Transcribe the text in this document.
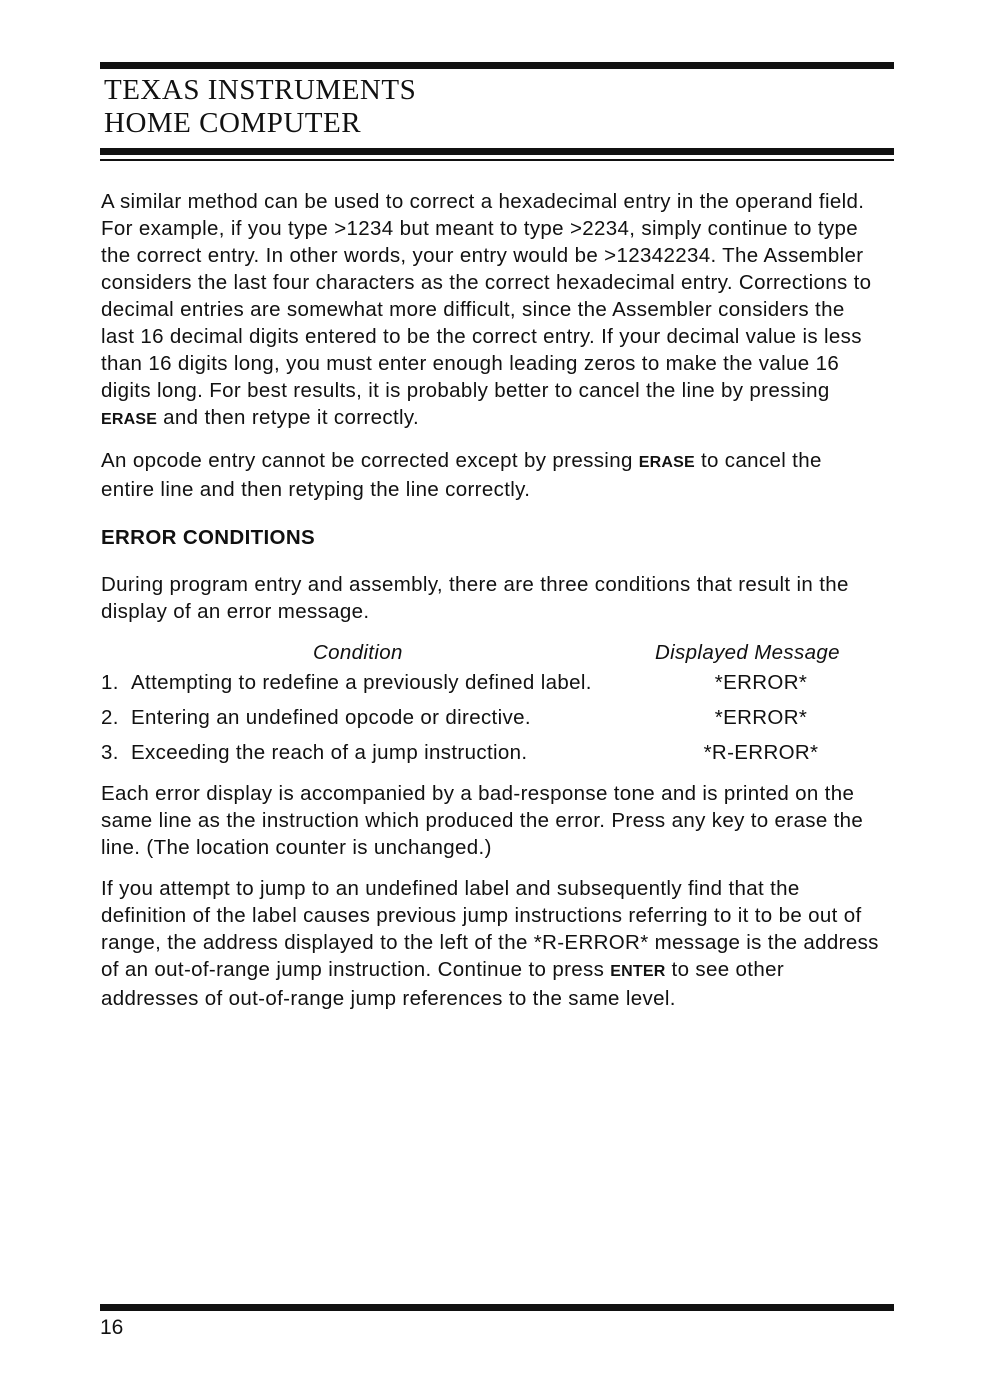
TEXAS INSTRUMENTS
HOME COMPUTER

A similar method can be used to correct a hexadecimal entry in the operand field. For example, if you type >1234 but meant to type >2234, simply continue to type the correct entry. In other words, your entry would be >12342234. The Assembler considers the last four characters as the correct hexadecimal entry. Corrections to decimal entries are somewhat more difficult, since the Assembler considers the last 16 decimal digits entered to be the correct entry. If your decimal value is less than 16 digits long, you must enter enough leading zeros to make the value 16 digits long. For best results, it is probably better to cancel the line by pressing ERASE and then retype it correctly.

An opcode entry cannot be corrected except by pressing ERASE to cancel the entire line and then retyping the line correctly.

ERROR CONDITIONS

During program entry and assembly, there are three conditions that result in the display of an error message.

Condition	Displayed Message
1. Attempting to redefine a previously defined label.	*ERROR*
2. Entering an undefined opcode or directive.	*ERROR*
3. Exceeding the reach of a jump instruction.	*R-ERROR*

Each error display is accompanied by a bad-response tone and is printed on the same line as the instruction which produced the error. Press any key to erase the line. (The location counter is unchanged.)

If you attempt to jump to an undefined label and subsequently find that the definition of the label causes previous jump instructions referring to it to be out of range, the address displayed to the left of the *R-ERROR* message is the address of an out-of-range jump instruction. Continue to press ENTER to see other addresses of out-of-range jump references to the same level.

16
